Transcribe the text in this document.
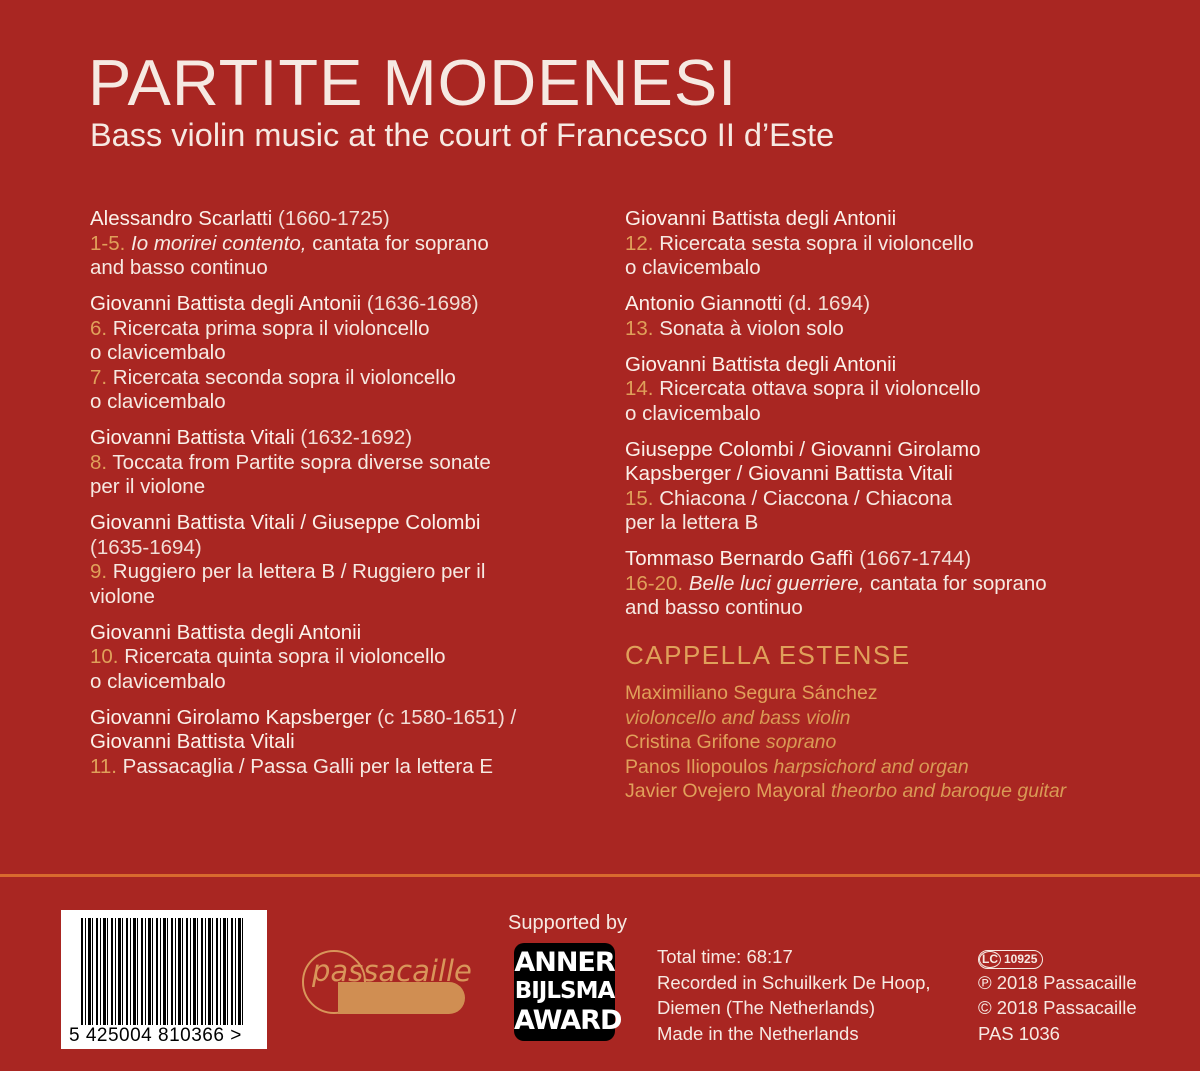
PARTITE MODENESI
Bass violin music at the court of Francesco II d’Este
Alessandro Scarlatti (1660-1725)
1-5. Io morirei contento, cantata for soprano
and basso continuo
Giovanni Battista degli Antonii (1636-1698)
6. Ricercata prima sopra il violoncello
o clavicembalo
7. Ricercata seconda sopra il violoncello
o clavicembalo
Giovanni Battista Vitali (1632-1692)
8. Toccata from Partite sopra diverse sonate
per il violone
Giovanni Battista Vitali / Giuseppe Colombi
(1635-1694)
9. Ruggiero per la lettera B / Ruggiero per il
violone
Giovanni Battista degli Antonii
10. Ricercata quinta sopra il violoncello
o clavicembalo
Giovanni Girolamo Kapsberger (c 1580-1651) /
Giovanni Battista Vitali
11. Passacaglia / Passa Galli per la lettera E
Giovanni Battista degli Antonii
12. Ricercata sesta sopra il violoncello
o clavicembalo
Antonio Giannotti (d. 1694)
13. Sonata à violon solo
Giovanni Battista degli Antonii
14. Ricercata ottava sopra il violoncello
o clavicembalo
Giuseppe Colombi / Giovanni Girolamo
Kapsberger / Giovanni Battista Vitali
15. Chiacona / Ciaccona / Chiacona
per la lettera B
Tommaso Bernardo Gaffì (1667-1744)
16-20. Belle luci guerriere, cantata for soprano
and basso continuo
CAPPELLA ESTENSE
Maximiliano Segura Sánchez
violoncello and bass violin
Cristina Grifone soprano
Panos Iliopoulos harpsichord and organ
Javier Ovejero Mayoral theorbo and baroque guitar
5 425004 810366 >
passacaille
Supported by
ANNER
BIJLSMA
AWARD
Total time: 68:17
Recorded in Schuilkerk De Hoop,
Diemen (The Netherlands)
Made in the Netherlands
LC 10925
℗ 2018 Passacaille
© 2018 Passacaille
PAS 1036
